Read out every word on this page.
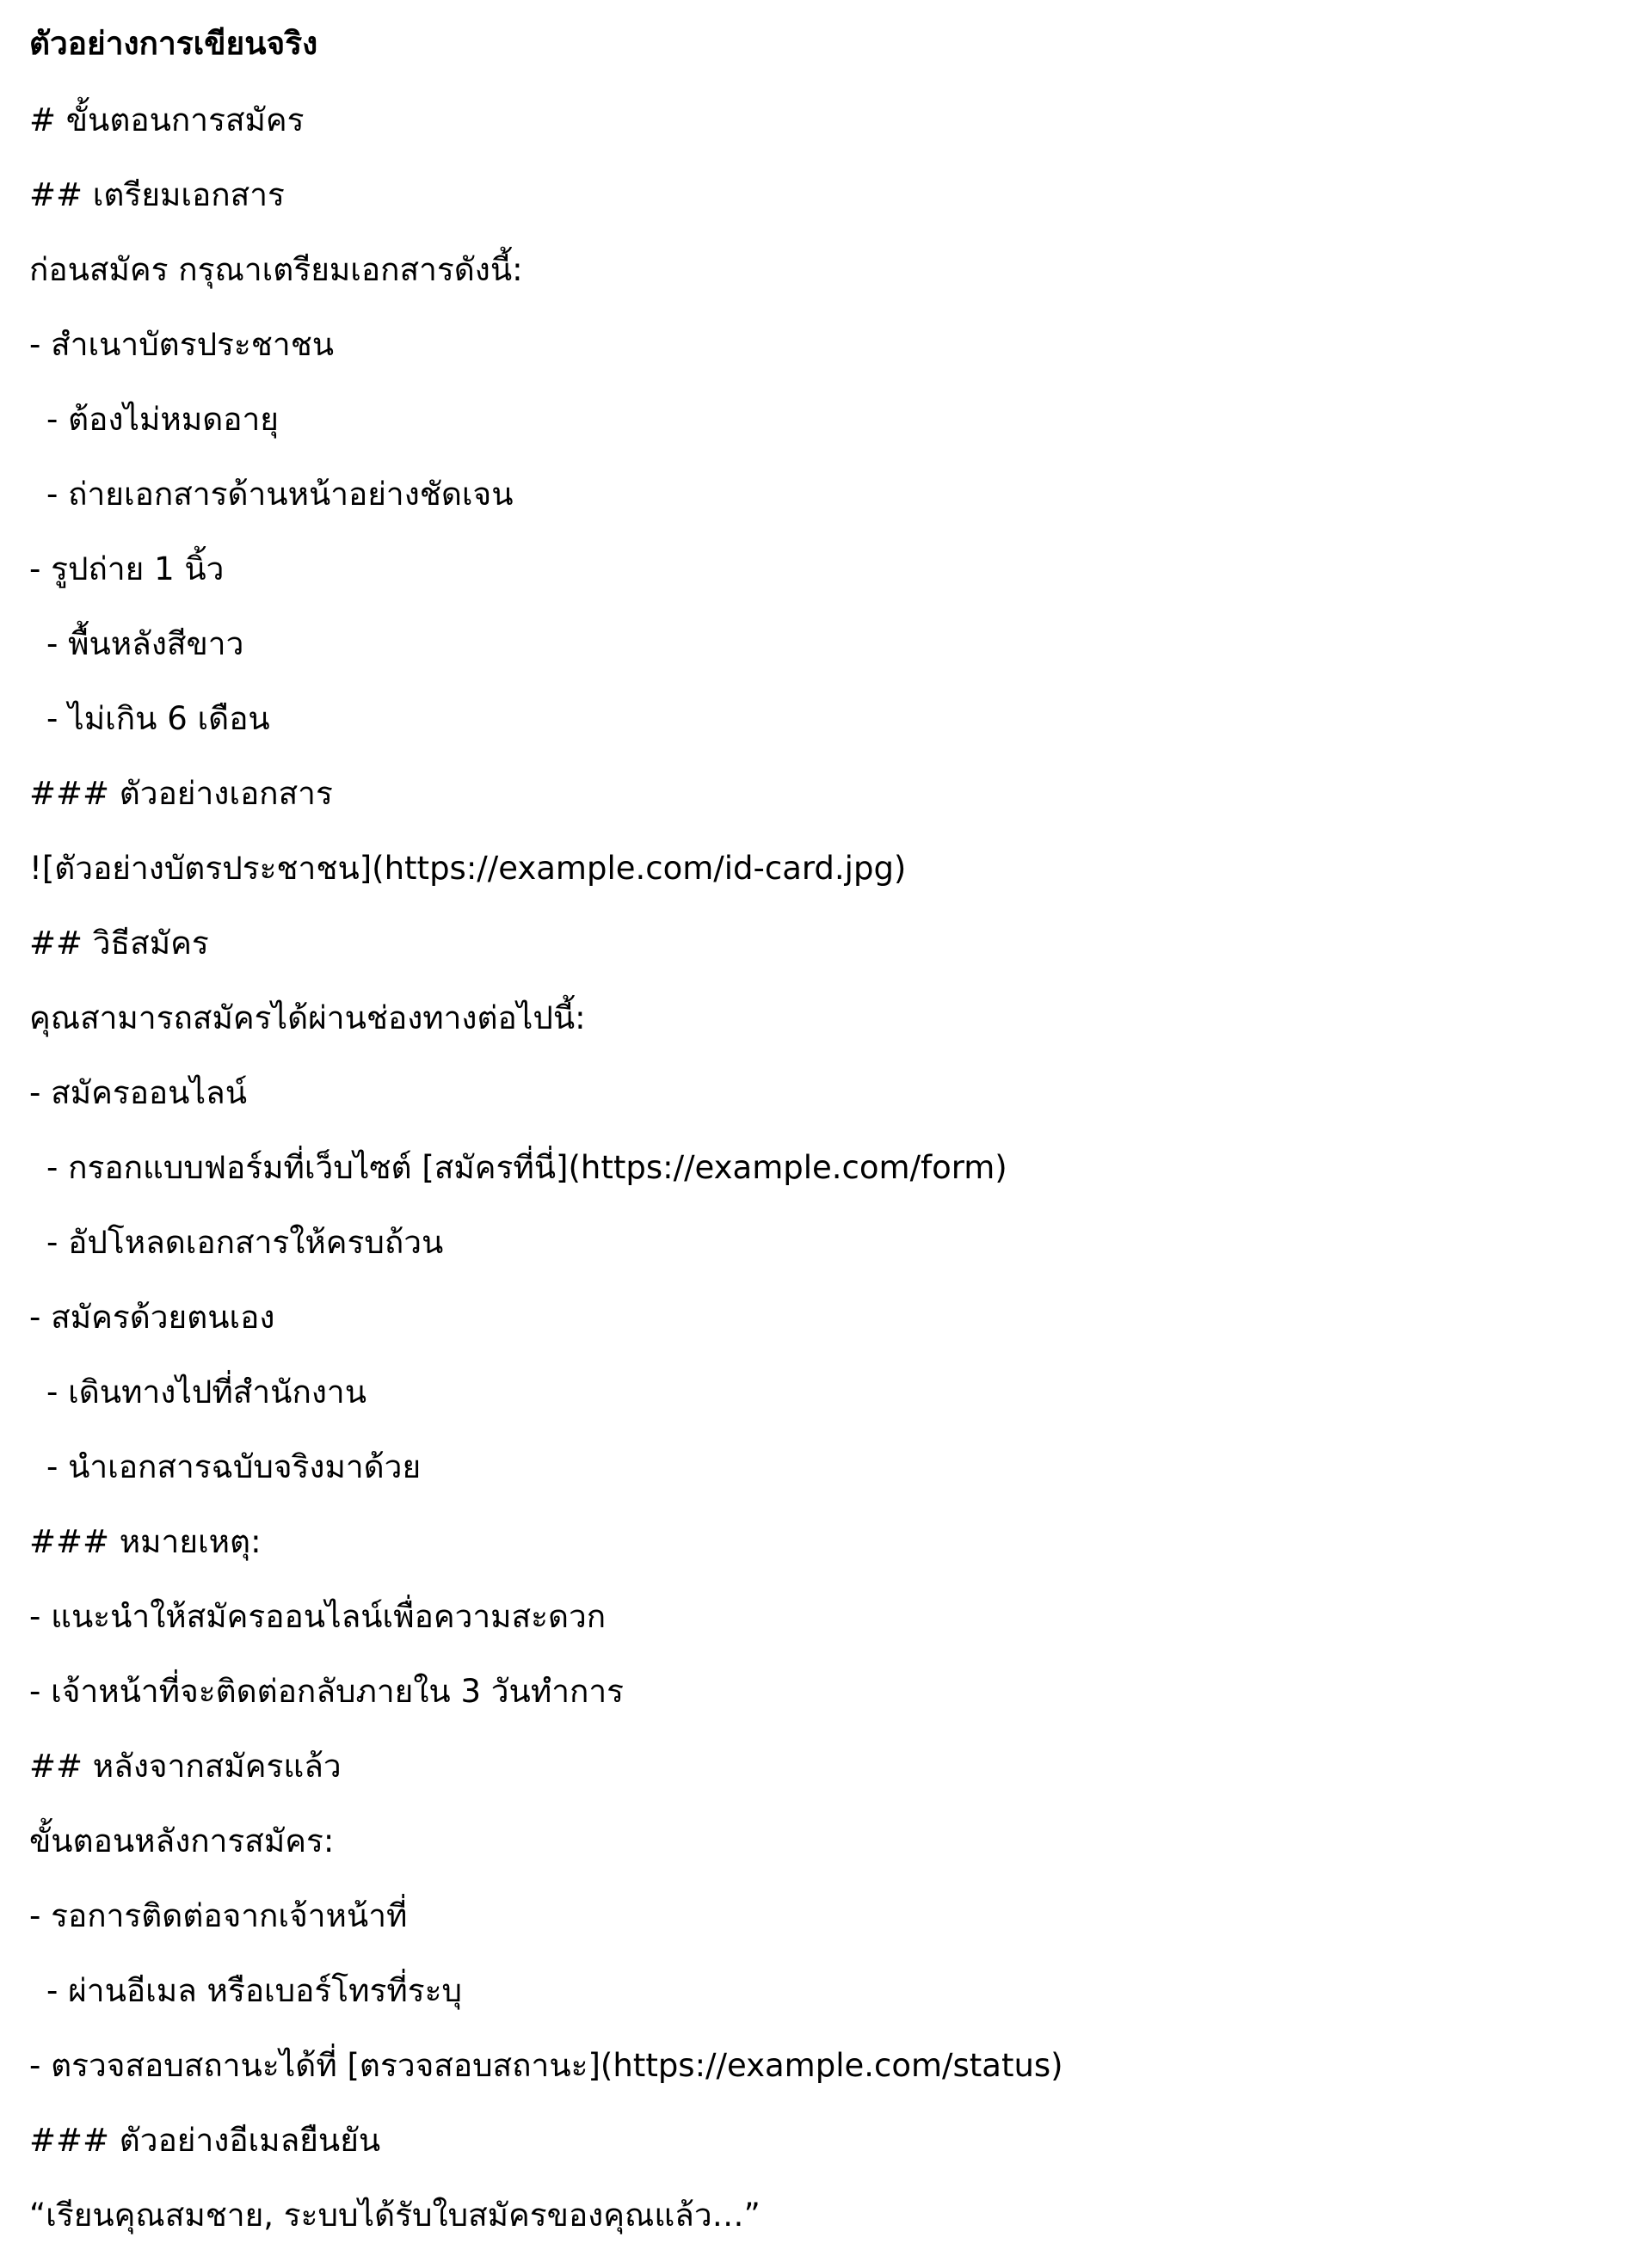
ตัวอย่างการเขียนจริง
# ขั้นตอนการสมัคร
## เตรียมเอกสาร
ก่อนสมัคร กรุณาเตรียมเอกสารดังนี้:
- สำเนาบัตรประชาชน
- ต้องไม่หมดอายุ
- ถ่ายเอกสารด้านหน้าอย่างชัดเจน
- รูปถ่าย 1 นิ้ว
- พื้นหลังสีขาว
- ไม่เกิน 6 เดือน
### ตัวอย่างเอกสาร
![ตัวอย่างบัตรประชาชน](https://example.com/id-card.jpg)
## วิธีสมัคร
คุณสามารถสมัครได้ผ่านช่องทางต่อไปนี้:
- สมัครออนไลน์
- กรอกแบบฟอร์มที่เว็บไซต์ [สมัครที่นี่](https://example.com/form)
- อัปโหลดเอกสารให้ครบถ้วน
- สมัครด้วยตนเอง
- เดินทางไปที่สำนักงาน
- นำเอกสารฉบับจริงมาด้วย
### หมายเหตุ:
- แนะนำให้สมัครออนไลน์เพื่อความสะดวก
- เจ้าหน้าที่จะติดต่อกลับภายใน 3 วันทำการ
## หลังจากสมัครแล้ว
ขั้นตอนหลังการสมัคร:
- รอการติดต่อจากเจ้าหน้าที่
- ผ่านอีเมล หรือเบอร์โทรที่ระบุ
- ตรวจสอบสถานะได้ที่ [ตรวจสอบสถานะ](https://example.com/status)
### ตัวอย่างอีเมลยืนยัน
“เรียนคุณสมชาย, ระบบได้รับใบสมัครของคุณแล้ว…”
